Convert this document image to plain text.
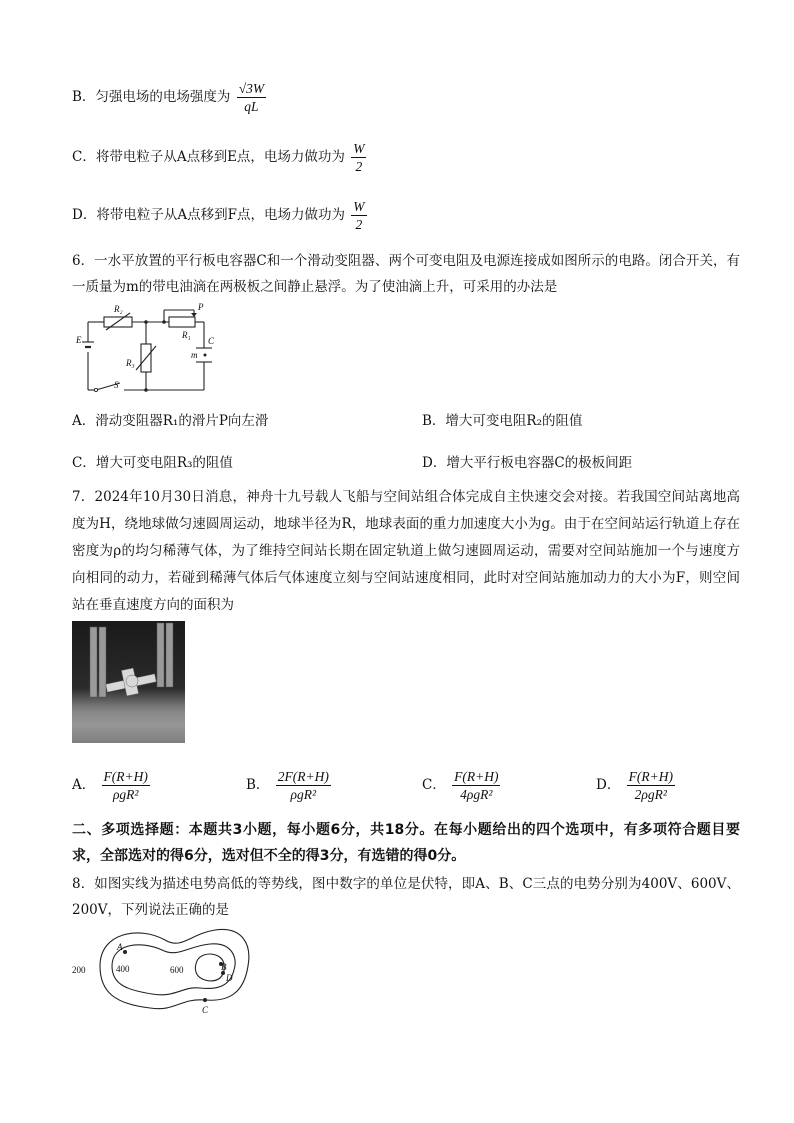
B．匀强电场的电场强度为 $\frac{√3W}{qL}$
C．将带电粒子从A点移到E点，电场力做功为 $\frac{W}{2}$
D．将带电粒子从A点移到F点，电场力做功为 $\frac{W}{2}$
6．一水平放置的平行板电容器C和一个滑动变阻器、两个可变电阻及电源连接成如图所示的电路。闭合开关，有一质量为m的带电油滴在两极板之间静止悬浮。为了使油滴上升，可采用的办法是
R₂	P
R₁
C
E
R₃
m
S
A．滑动变阻器R₁的滑片P向左滑	B．增大可变电阻R₂的阻值
C．增大可变电阻R₃的阻值	D．增大平行板电容器C的极板间距
7．2024年10月30日消息，神舟十九号载人飞船与空间站组合体完成自主快速交会对接。若我国空间站离地高度为H，绕地球做匀速圆周运动，地球半径为R，地球表面的重力加速度大小为g。由于在空间站运行轨道上存在密度为ρ的均匀稀薄气体，为了维持空间站长期在固定轨道上做匀速圆周运动，需要对空间站施加一个与速度方向相同的动力，若碰到稀薄气体后气体速度立刻与空间站速度相同，此时对空间站施加动力的大小为F，则空间站在垂直速度方向的面积为
A． $\frac{F(R+H)}{\text{ρgR²}}$	B． $\frac{2F(R+H)}{\text{ρgR²}}$	C． $\frac{F(R+H)}{\text{4ρgR²}}$	D． $\frac{F(R+H)}{\text{2ρgR²}}$
二、多项选择题：本题共3小题，每小题6分，共18分。在每小题给出的四个选项中，有多项符合题目要求，全部选对的得6分，选对但不全的得3分，有选错的得0分。
8．如图实线为描述电势高低的等势线，图中数字的单位是伏特，即A、B、C三点的电势分别为400V、600V、200V，下列说法正确的是
200	400	600
A
B
D
C
